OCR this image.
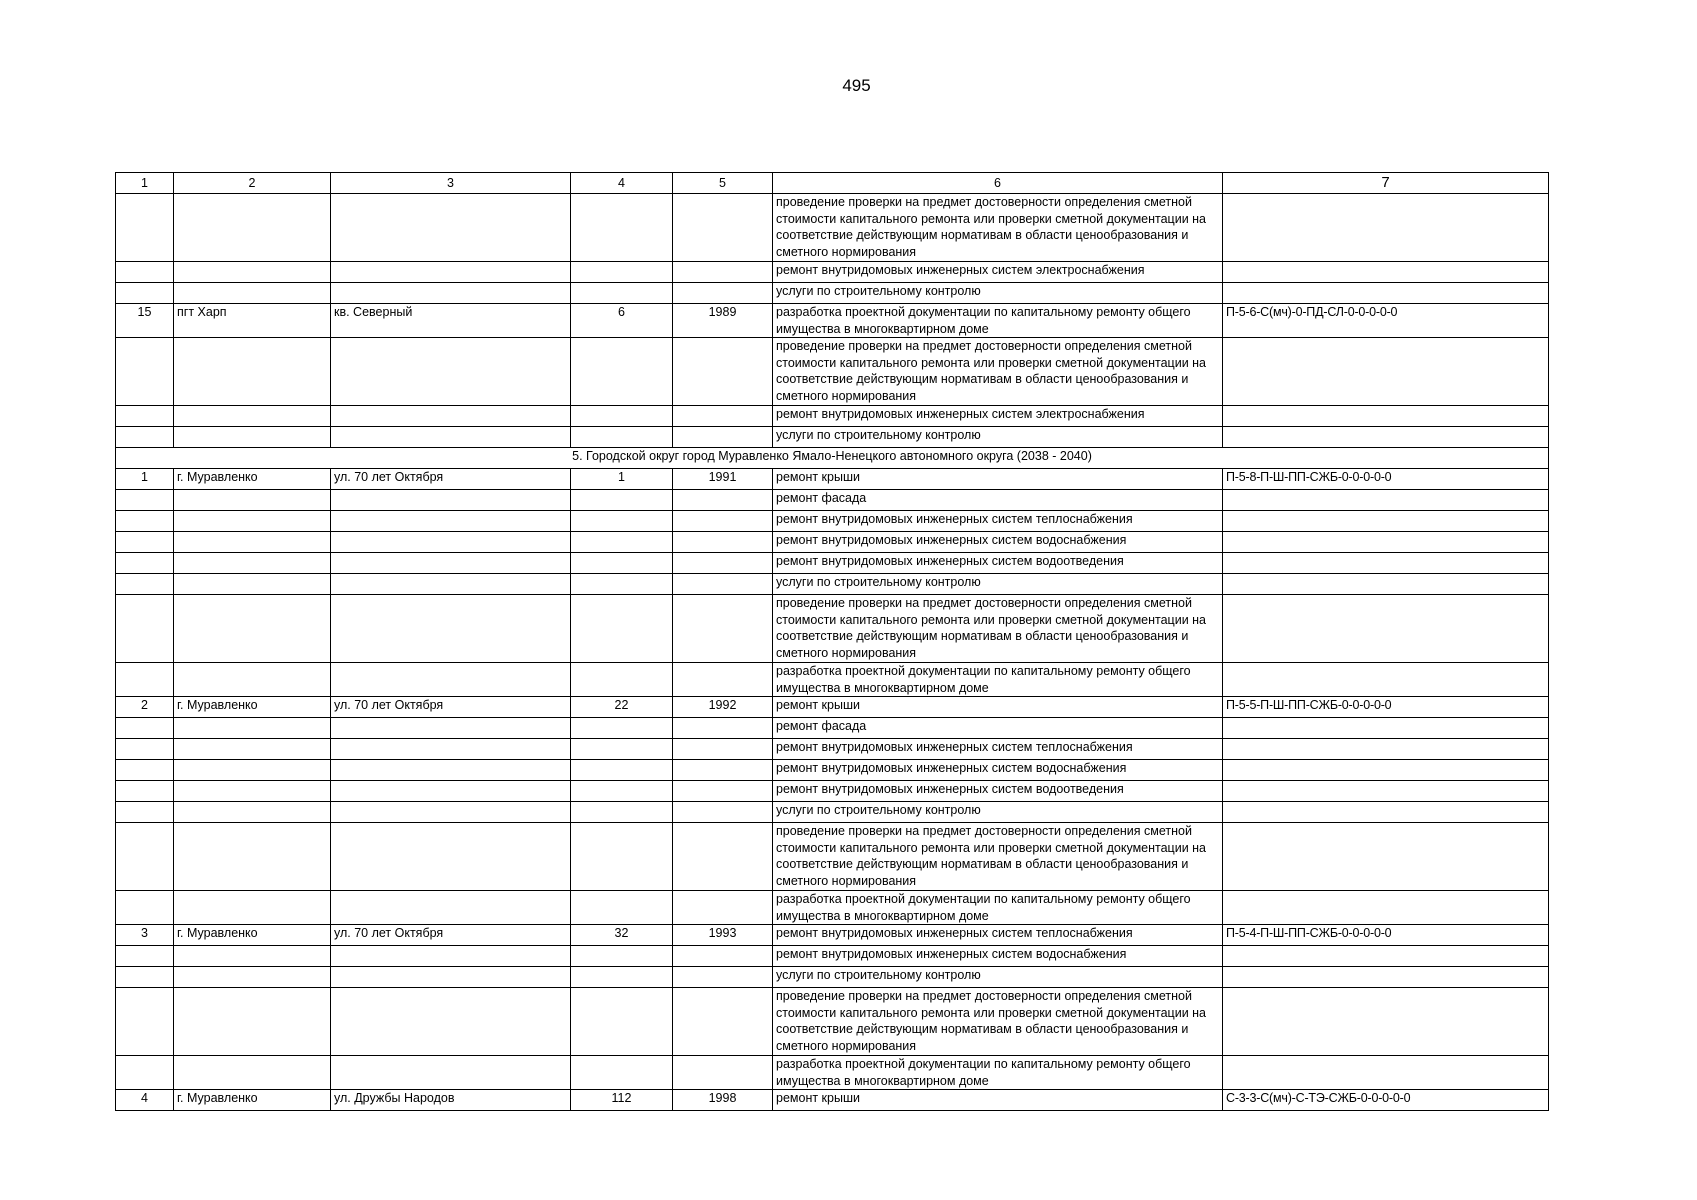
495
1	2	3	4	5	6	7
					проведение проверки на предмет достоверности определения сметной стоимости капитального ремонта или проверки сметной документации на соответствие действующим нормативам в области ценообразования и сметного нормирования	
					ремонт внутридомовых инженерных систем электроснабжения	
					услуги по строительному контролю	
15	пгт Харп	кв. Северный	6	1989	разработка проектной документации по капитальному ремонту общего имущества в многоквартирном доме	П-5-6-С(мч)-0-ПД-СЛ-0-0-0-0-0
					проведение проверки на предмет достоверности определения сметной стоимости капитального ремонта или проверки сметной документации на соответствие действующим нормативам в области ценообразования и сметного нормирования	
					ремонт внутридомовых инженерных систем электроснабжения	
					услуги по строительному контролю	
5. Городской округ город Муравленко Ямало-Ненецкого автономного округа (2038 - 2040)						
1	г. Муравленко	ул. 70 лет Октября	1	1991	ремонт крыши	П-5-8-П-Ш-ПП-СЖБ-0-0-0-0-0
					ремонт фасада	
					ремонт внутридомовых инженерных систем теплоснабжения	
					ремонт внутридомовых инженерных систем водоснабжения	
					ремонт внутридомовых инженерных систем водоотведения	
					услуги по строительному контролю	
					проведение проверки на предмет достоверности определения сметной стоимости капитального ремонта или проверки сметной документации на соответствие действующим нормативам в области ценообразования и сметного нормирования	
					разработка проектной документации по капитальному ремонту общего имущества в многоквартирном доме	
2	г. Муравленко	ул. 70 лет Октября	22	1992	ремонт крыши	П-5-5-П-Ш-ПП-СЖБ-0-0-0-0-0
					ремонт фасада	
					ремонт внутридомовых инженерных систем теплоснабжения	
					ремонт внутридомовых инженерных систем водоснабжения	
					ремонт внутридомовых инженерных систем водоотведения	
					услуги по строительному контролю	
					проведение проверки на предмет достоверности определения сметной стоимости капитального ремонта или проверки сметной документации на соответствие действующим нормативам в области ценообразования и сметного нормирования	
					разработка проектной документации по капитальному ремонту общего имущества в многоквартирном доме	
3	г. Муравленко	ул. 70 лет Октября	32	1993	ремонт внутридомовых инженерных систем теплоснабжения	П-5-4-П-Ш-ПП-СЖБ-0-0-0-0-0
					ремонт внутридомовых инженерных систем водоснабжения	
					услуги по строительному контролю	
					проведение проверки на предмет достоверности определения сметной стоимости капитального ремонта или проверки сметной документации на соответствие действующим нормативам в области ценообразования и сметного нормирования	
					разработка проектной документации по капитальному ремонту общего имущества в многоквартирном доме	
4	г. Муравленко	ул. Дружбы Народов	112	1998	ремонт крыши	С-3-3-С(мч)-С-ТЭ-СЖБ-0-0-0-0-0
